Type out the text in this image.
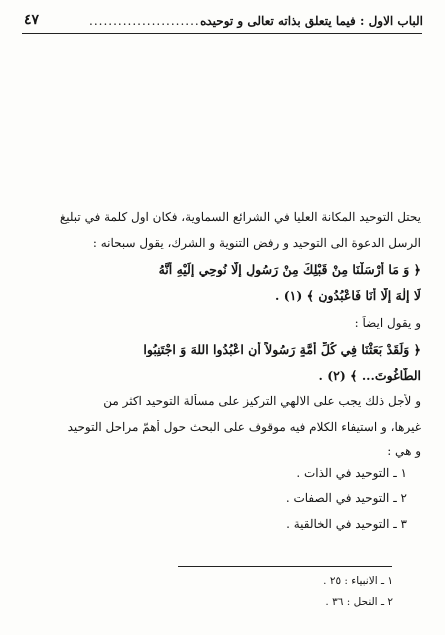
الباب الاول : فيما يتعلق بذاته تعالى و توحيده
...........................
٤٧
يحتل التوحيد المكانة العليا في الشرائع السماوية، فكان اول كلمة في تبليغ
الرسل الدعوة الى التوحيد و رفض التنوية و الشرك، يقول سبحانه :
﴿ وَ مَا أَرْسَلْنَا مِنْ قَبْلِكَ مِنْ رَسُولٍ إِلَّا نُوحِي إِلَيْهِ أَنَّهُ
لَا إِلٰهَ إِلَّا أَنَا فَاعْبُدُونِ ﴾ (١) .
و يقول ايضاً :
﴿ وَلَقَدْ بَعَثْنَا فِي كُلِّ أُمَّةٍ رَسُولاً أَنِ اعْبُدُوا اللهَ وَ اجْتَنِبُوا
الطَّاغُوتَ... ﴾ (٢) .
و لأجل ذلك يجب على الالهي التركيز على مسألة التوحيد اكثر من
غيرها، و استيفاء الكلام فيه موقوف على البحث حول أهمّ مراحل التوحيد
و هي :
١ ـ التوحيد في الذات .
٢ ـ التوحيد في الصفات .
٣ ـ التوحيد في الخالقية .
١ ـ الانبياء : ٢٥ .
٢ ـ النحل : ٣٦ .
